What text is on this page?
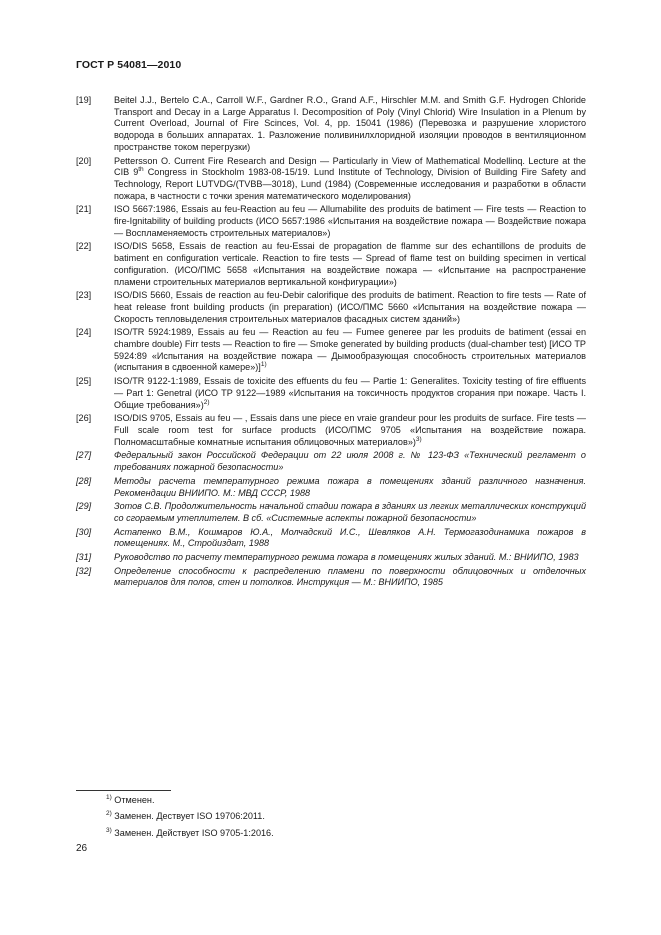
ГОСТ Р 54081—2010
[19]	Beitel J.J., Bertelo C.A., Carroll W.F., Gardner R.O., Grand A.F., Hirschler M.M. and Smith G.F. Hydrogen Chloride Transport and Decay in a Large Apparatus I. Decomposition of Poly (Vinyl Chlorid) Wire Insulation in a Plenum by Current Overload, Journal of Fire Scinces, Vol. 4, pp. 15041 (1986) (Перевозка и разрушение хлористого водорода в больших аппаратах. 1. Разложение поливинилхлоридной изоляции проводов в вентиляционном пространстве током перегрузки)
[20]	Pettersson O. Current Fire Research and Design — Particularly in View of Mathematical Modellinq. Lecture at the CIB 9th Congress in Stockholm 1983-08-15/19. Lund Institute of Technology, Division of Building Fire Safety and Technology, Report LUTVDG/(TVBB—3018), Lund (1984) (Современные исследования и разработки в области пожара, в частности с точки зрения математического моделирования)
[21]	ISO 5667:1986, Essais au feu-Reaction au feu — Allumabilite des produits de batiment — Fire tests — Reaction to fire-Ignitability of building products (ИСО 5657:1986 «Испытания на воздействие пожара — Воздействие пожара — Воспламеняемость строительных материалов»)
[22]	ISO/DIS 5658, Essais de reaction au feu-Essai de propagation de flamme sur des echantillons de produits de batiment en configuration verticale. Reaction to fire tests — Spread of flame test on building specimen in vertical configuration. (ИСО/ПМС 5658 «Испытания на воздействие пожара — «Испытание на распространение пламени строительных материалов вертикальной конфигурации»)
[23]	ISO/DIS 5660, Essais de reaction au feu-Debir calorifique des produits de batiment. Reaction to fire tests — Rate of heat release front building products (in preparation) (ИСО/ПМС 5660 «Испытания на воздействие пожара — Скорость тепловыделения строительных материалов фасадных систем зданий»)
[24]	ISO/TR 5924:1989, Essais au feu — Reaction au feu — Fumee generee par les produits de batiment (essai en chambre double) Firr tests — Reaction to fire — Smoke generated by building products (dual-chamber test) [ИСО ТР 5924:89 «Испытания на воздействие пожара — Дымообразующая способность строительных материалов (испытания в сдвоенной камере»)]$^{1)}$
[25]	ISO/TR 9122-1:1989, Essais de toxicite des effuents du feu — Partie 1: Generalites. Toxicity testing of fire effluents — Part 1: Genetral (ИСО ТР 9122—1989 «Испытания на токсичность продуктов сгорания при пожаре. Часть I. Общие требования»)$^{2)}$
[26]	ISO/DIS 9705, Essais au feu — , Essais dans une piece en vraie grandeur pour les produits de surface. Fire tests — Full scale room test for surface products (ИСО/ПМС 9705 «Испытания на воздействие пожара. Полномасштабные комнатные испытания облицовочных материалов»)$^{3)}$
[27]	Федеральный закон Российской Федерации от 22 июля 2008 г. № 123-ФЗ «Технический регламент о требованиях пожарной безопасности»
[28]	Методы расчета температурного режима пожара в помещениях зданий различного назначения. Рекомендации ВНИИПО. М.: МВД СССР, 1988
[29]	Зотов С.В. Продолжительность начальной стадии пожара в зданиях из легких металлических конструкций со сгораемым утеплителем. В сб. «Системные аспекты пожарной безопасности»
[30]	Астапенко В.М., Кошмаров Ю.А., Молчадский И.С., Шевляков А.Н. Термогазодинамика пожаров в помещениях. М., Стройиздат, 1988
[31]	Руководство по расчету температурного режима пожара в помещениях жилых зданий. М.: ВНИИПО, 1983
[32]	Определение способности к распределению пламени по поверхности облицовочных и отделочных материалов для полов, стен и потолков. Инструкция — М.: ВНИИПО, 1985
$^{1)}$ Отменен.
$^{2)}$ Заменен. Дествует ISO 19706:2011.
$^{3)}$ Заменен. Действует ISO 9705-1:2016.
26
